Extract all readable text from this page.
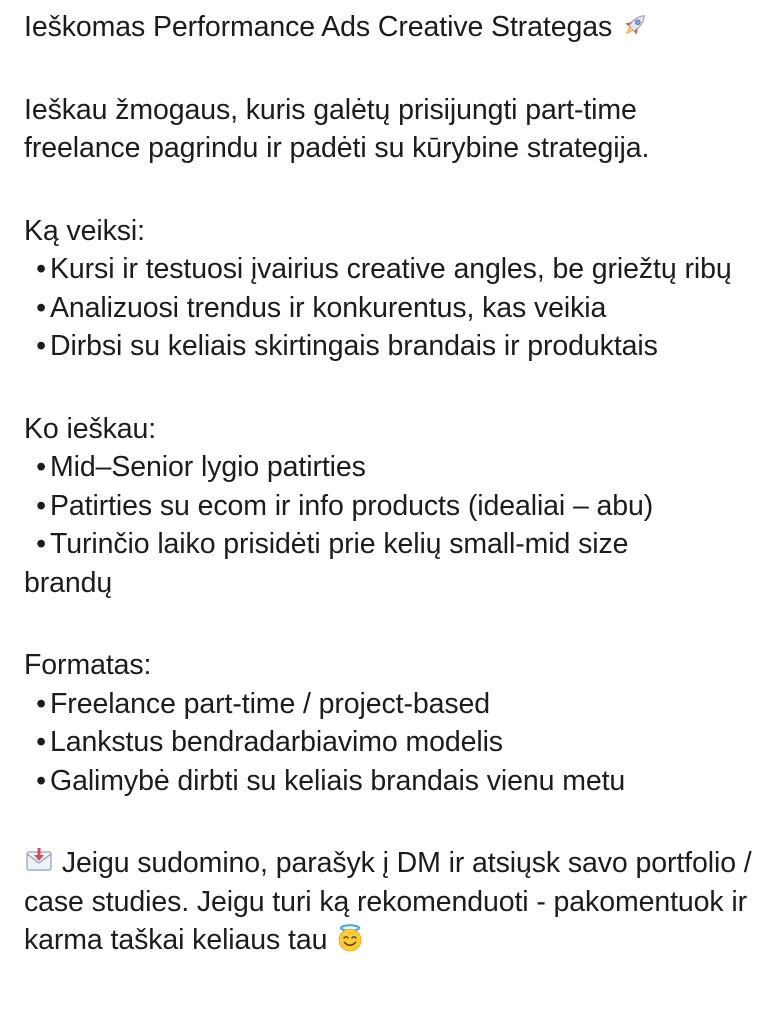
Ieškomas Performance Ads Creative Strategas
Ieškau žmogaus, kuris galėtų prisijungti part-time freelance pagrindu ir padėti su kūrybine strategija.
Ką veiksi:
• Kursi ir testuosi įvairius creative angles, be griežtų ribų
• Analizuosi trendus ir konkurentus, kas veikia
• Dirbsi su keliais skirtingais brandais ir produktais
Ko ieškau:
• Mid–Senior lygio patirties
• Patirties su ecom ir info products (idealiai – abu)
• Turinčio laiko prisidėti prie kelių small-mid size brandų
Formatas:
• Freelance part-time / project-based
• Lankstus bendradarbiavimo modelis
• Galimybė dirbti su keliais brandais vienu metu
Jeigu sudomino, parašyk į DM ir atsiųsk savo portfolio / case studies. Jeigu turi ką rekomenduoti - pakomentuok ir karma taškai keliaus tau
